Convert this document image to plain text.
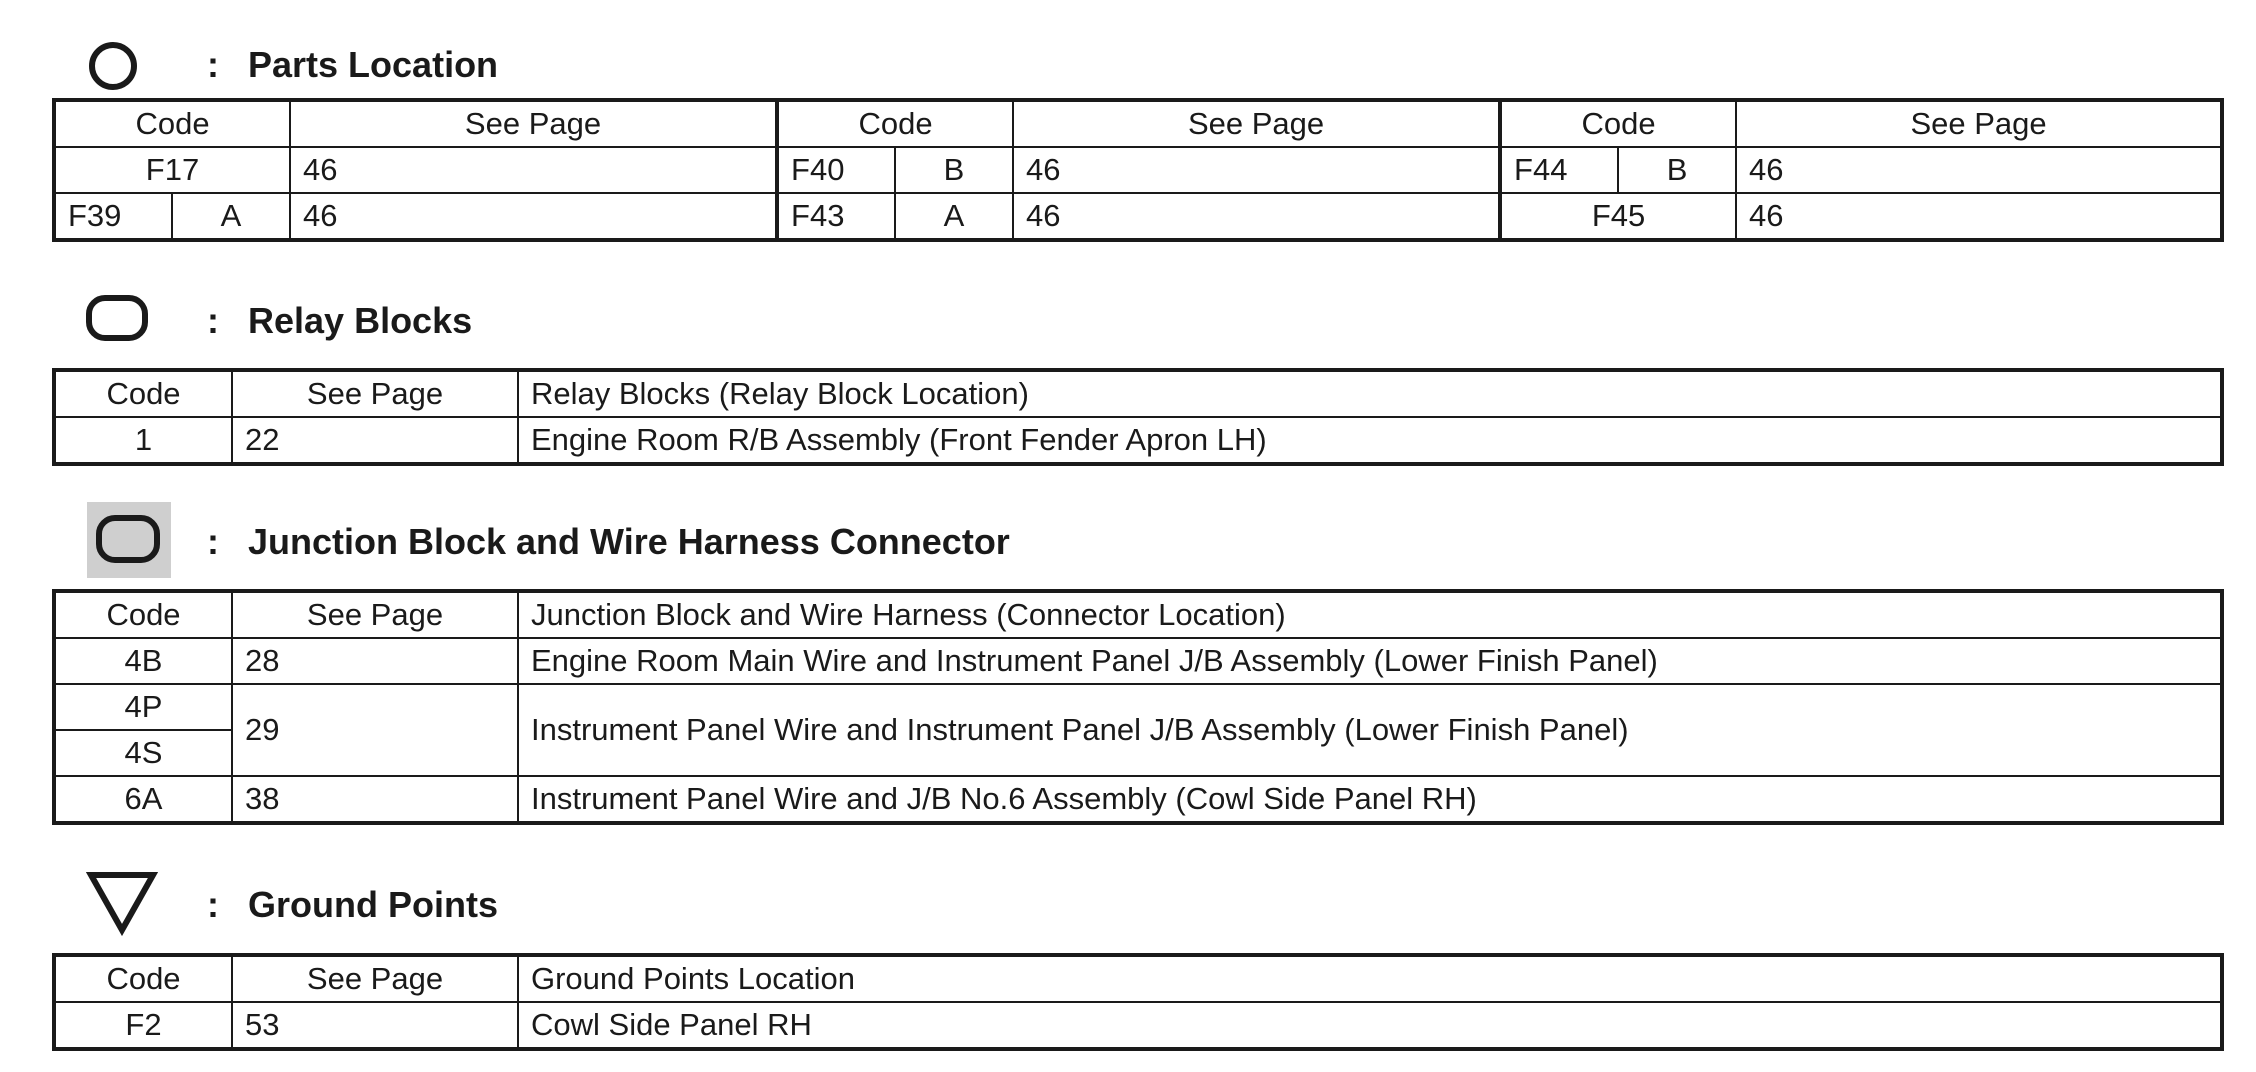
: Parts Location
Code		See Page	Code		See Page	Code		See Page
F17		46	F40	B	46	F44	B	46
F39	A	46	F43	A	46	F45		46
: Relay Blocks
Code	See Page	Relay Blocks (Relay Block Location)
1	22	Engine Room R/B Assembly (Front Fender Apron LH)
: Junction Block and Wire Harness Connector
Code	See Page	Junction Block and Wire Harness (Connector Location)
4B	28	Engine Room Main Wire and Instrument Panel J/B Assembly (Lower Finish Panel)
4P	29	Instrument Panel Wire and Instrument Panel J/B Assembly (Lower Finish Panel)
4S		
6A	38	Instrument Panel Wire and J/B No.6 Assembly (Cowl Side Panel RH)
: Ground Points
Code	See Page	Ground Points Location
F2	53	Cowl Side Panel RH
